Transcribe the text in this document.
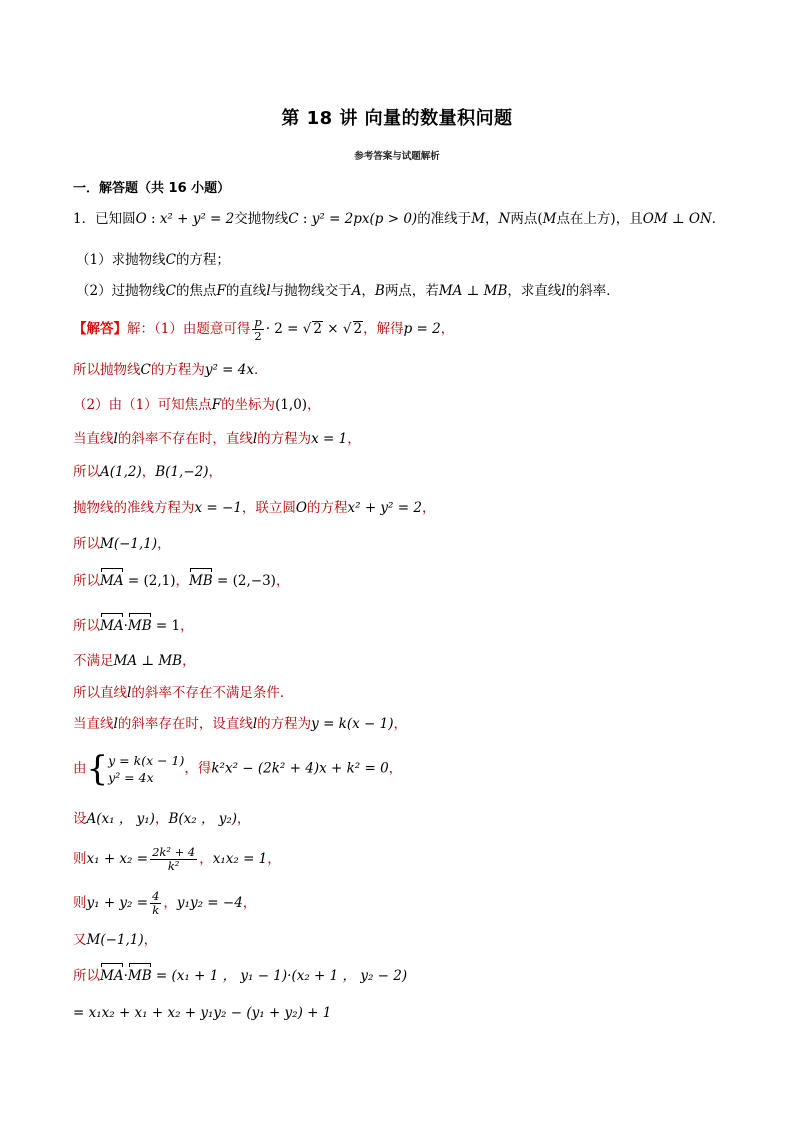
第 18 讲 向量的数量积问题
参考答案与试题解析
一．解答题（共 16 小题）
1．已知圆O : x² + y² = 2交抛物线C : y² = 2px(p > 0)的准线于M，N两点(M点在上方)，且OM ⊥ ON．
（1）求抛物线C的方程；
（2）过抛物线C的焦点F的直线l与抛物线交于A，B两点，若MA ⊥ MB，求直线l的斜率．
【解答】解：（1）由题意可得 $\frac{p}{2} \cdot 2$ = √ 2 × √ 2，解得p = 2，
所以抛物线C的方程为y² = 4x．
（2）由（1）可知焦点F的坐标为(1,0)，
当直线l的斜率不存在时，直线l的方程为x = 1，
所以A(1,2)，B(1,−2)，
抛物线的准线方程为x = −1，联立圆O的方程x² + y² = 2，
所以M(−1,1)，
所以MA = (2,1)，MB = (2,−3)，
所以MA·MB = 1，
不满足MA ⊥ MB，
所以直线l的斜率不存在不满足条件．
当直线l的斜率存在时，设直线l的方程为y = k(x − 1)，
由{ y = k(x − 1)
y² = 4x
，得k²x² − (2k² + 4)x + k² = 0，
设A(x₁ ， y₁)，B(x₂ ， y₂)，
则$x_1 + x_2 = \frac{\text{2k² + 4}}{\text{k²}}$ ，x₁x₂ = 1，
则$y_1 + y_2 = \frac{4}{k}$ ，y₁y₂ = −4，
又M(−1,1)，
所以MA·MB = (x₁ + 1 ， y₁ − 1)·(x₂ + 1 ， y₂ − 2)
= x₁x₂ + x₁ + x₂ + y₁y₂ − (y₁ + y₂) + 1
